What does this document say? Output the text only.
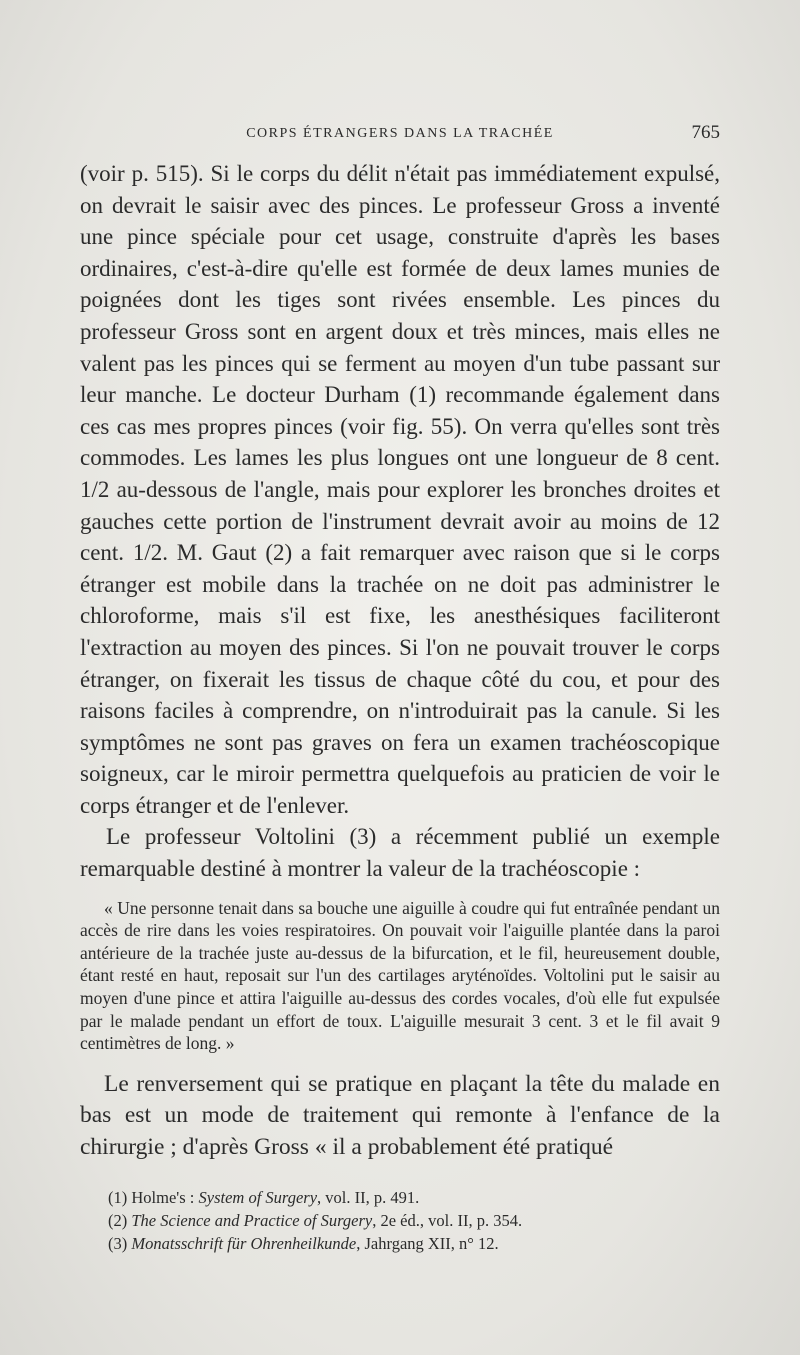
CORPS ÉTRANGERS DANS LA TRACHÉE	765

(voir p. 515). Si le corps du délit n'était pas immédiatement expulsé, on devrait le saisir avec des pinces. Le professeur Gross a inventé une pince spéciale pour cet usage, construite d'après les bases ordinaires, c'est-à-dire qu'elle est formée de deux lames munies de poignées dont les tiges sont rivées ensemble. Les pinces du professeur Gross sont en argent doux et très minces, mais elles ne valent pas les pinces qui se ferment au moyen d'un tube passant sur leur manche. Le docteur Durham (1) recommande également dans ces cas mes propres pinces (voir fig. 55). On verra qu'elles sont très commodes. Les lames les plus longues ont une longueur de 8 cent. 1/2 au-dessous de l'angle, mais pour explorer les bronches droites et gauches cette portion de l'instrument devrait avoir au moins de 12 cent. 1/2. M. Gaut (2) a fait remarquer avec raison que si le corps étranger est mobile dans la trachée on ne doit pas administrer le chloroforme, mais s'il est fixe, les anesthésiques faciliteront l'extraction au moyen des pinces. Si l'on ne pouvait trouver le corps étranger, on fixerait les tissus de chaque côté du cou, et pour des raisons faciles à comprendre, on n'introduirait pas la canule. Si les symptômes ne sont pas graves on fera un examen trachéoscopique soigneux, car le miroir permettra quelquefois au praticien de voir le corps étranger et de l'enlever.

Le professeur Voltolini (3) a récemment publié un exemple remarquable destiné à montrer la valeur de la trachéoscopie :

« Une personne tenait dans sa bouche une aiguille à coudre qui fut entraînée pendant un accès de rire dans les voies respiratoires. On pouvait voir l'aiguille plantée dans la paroi antérieure de la trachée juste au-dessus de la bifurcation, et le fil, heureusement double, étant resté en haut, reposait sur l'un des cartilages aryténoïdes. Voltolini put le saisir au moyen d'une pince et attira l'aiguille au-dessus des cordes vocales, d'où elle fut expulsée par le malade pendant un effort de toux. L'aiguille mesurait 3 cent. 3 et le fil avait 9 centimètres de long. »

Le renversement qui se pratique en plaçant la tête du malade en bas est un mode de traitement qui remonte à l'enfance de la chirurgie ; d'après Gross « il a probablement été pratiqué

(1) Holme's : System of Surgery, vol. II, p. 491.

(2) The Science and Practice of Surgery, 2e éd., vol. II, p. 354.

(3) Monatsschrift für Ohrenheilkunde, Jahrgang XII, n° 12.
